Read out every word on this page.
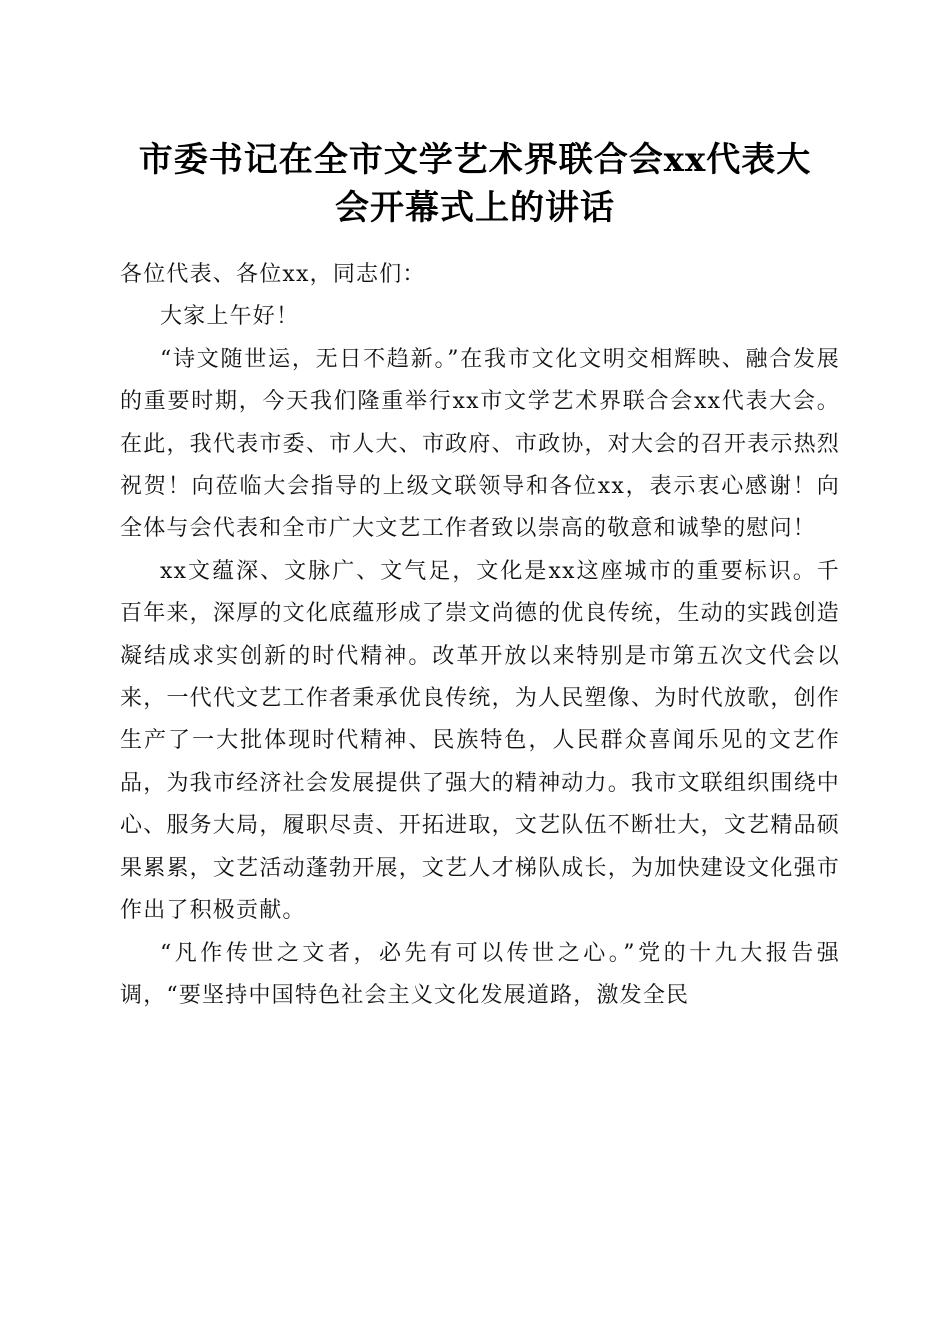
市委书记在全市文学艺术界联合会xx代表大
会开幕式上的讲话

各位代表、各位xx，同志们：

大家上午好！

“诗文随世运，无日不趋新。”在我市文化文明交相辉映、融合发展的重要时期，今天我们隆重举行xx市文学艺术界联合会xx代表大会。在此，我代表市委、市人大、市政府、市政协，对大会的召开表示热烈祝贺！向莅临大会指导的上级文联领导和各位xx，表示衷心感谢！向全体与会代表和全市广大文艺工作者致以崇高的敬意和诚挚的慰问！

xx文蕴深、文脉广、文气足，文化是xx这座城市的重要标识。千百年来，深厚的文化底蕴形成了崇文尚德的优良传统，生动的实践创造凝结成求实创新的时代精神。改革开放以来特别是市第五次文代会以来，一代代文艺工作者秉承优良传统，为人民塑像、为时代放歌，创作生产了一大批体现时代精神、民族特色，人民群众喜闻乐见的文艺作品，为我市经济社会发展提供了强大的精神动力。我市文联组织围绕中心、服务大局，履职尽责、开拓进取，文艺队伍不断壮大，文艺精品硕果累累，文艺活动蓬勃开展，文艺人才梯队成长，为加快建设文化强市作出了积极贡献。

“凡作传世之文者，必先有可以传世之心。”党的十九大报告强调，“要坚持中国特色社会主义文化发展道路，激发全民
